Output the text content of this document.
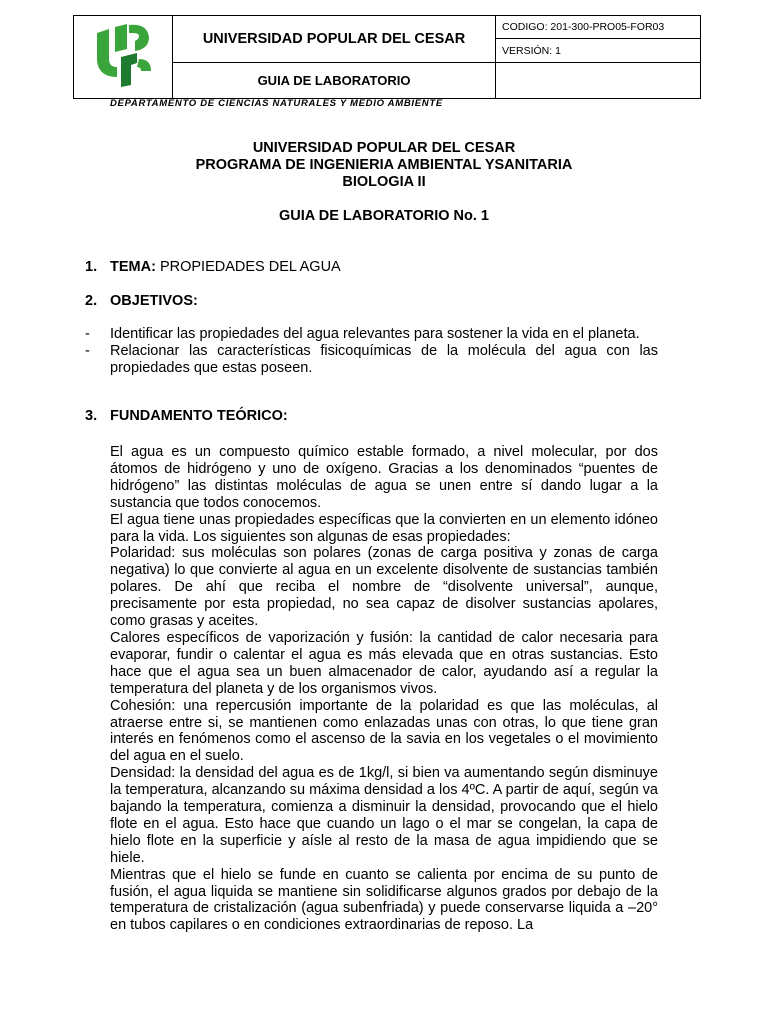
	UNIVERSIDAD POPULAR DEL CESAR	CODIGO: 201-300-PRO05-FOR03
		VERSIÓN: 1
	GUIA DE LABORATORIO	
DEPARTAMENTO DE CIENCIAS NATURALES Y MEDIO AMBIENTE
UNIVERSIDAD POPULAR DEL CESAR
PROGRAMA DE INGENIERIA AMBIENTAL YSANITARIA
BIOLOGIA II
GUIA DE LABORATORIO No. 1
1. TEMA: PROPIEDADES DEL AGUA
2. OBJETIVOS:
-	Identificar las propiedades del agua relevantes para sostener la vida en el planeta.
-	Relacionar las características fisicoquímicas de la molécula del agua con las propiedades que estas poseen.
3. FUNDAMENTO TEÓRICO:

El agua es un compuesto químico estable formado, a nivel molecular, por dos átomos de hidrógeno y uno de oxígeno. Gracias a los denominados “puentes de hidrógeno” las distintas moléculas de agua se unen entre sí dando lugar a la sustancia que todos conocemos.

El agua tiene unas propiedades específicas que la convierten en un elemento idóneo para la vida. Los siguientes son algunas de esas propiedades:

Polaridad: sus moléculas son polares (zonas de carga positiva y zonas de carga negativa) lo que convierte al agua en un excelente disolvente de sustancias también polares. De ahí que reciba el nombre de “disolvente universal”, aunque, precisamente por esta propiedad, no sea capaz de disolver sustancias apolares, como grasas y aceites.

Calores específicos de vaporización y fusión: la cantidad de calor necesaria para evaporar, fundir o calentar el agua es más elevada que en otras sustancias. Esto hace que el agua sea un buen almacenador de calor, ayudando así a regular la temperatura del planeta y de los organismos vivos.

Cohesión: una repercusión importante de la polaridad es que las moléculas, al atraerse entre si, se mantienen como enlazadas unas con otras, lo que tiene gran interés en fenómenos como el ascenso de la savia en los vegetales o el movimiento del agua en el suelo.

Densidad: la densidad del agua es de 1kg/l, si bien va aumentando según disminuye la temperatura, alcanzando su máxima densidad a los 4ºC. A partir de aquí, según va bajando la temperatura, comienza a disminuir la densidad, provocando que el hielo flote en el agua. Esto hace que cuando un lago o el mar se congelan, la capa de hielo flote en la superficie y aísle al resto de la masa de agua impidiendo que se hiele.

Mientras que el hielo se funde en cuanto se calienta por encima de su punto de fusión, el agua liquida se mantiene sin solidificarse algunos grados por debajo de la temperatura de cristalización (agua subenfriada) y puede conservarse liquida a –20° en tubos capilares o en condiciones extraordinarias de reposo. La
